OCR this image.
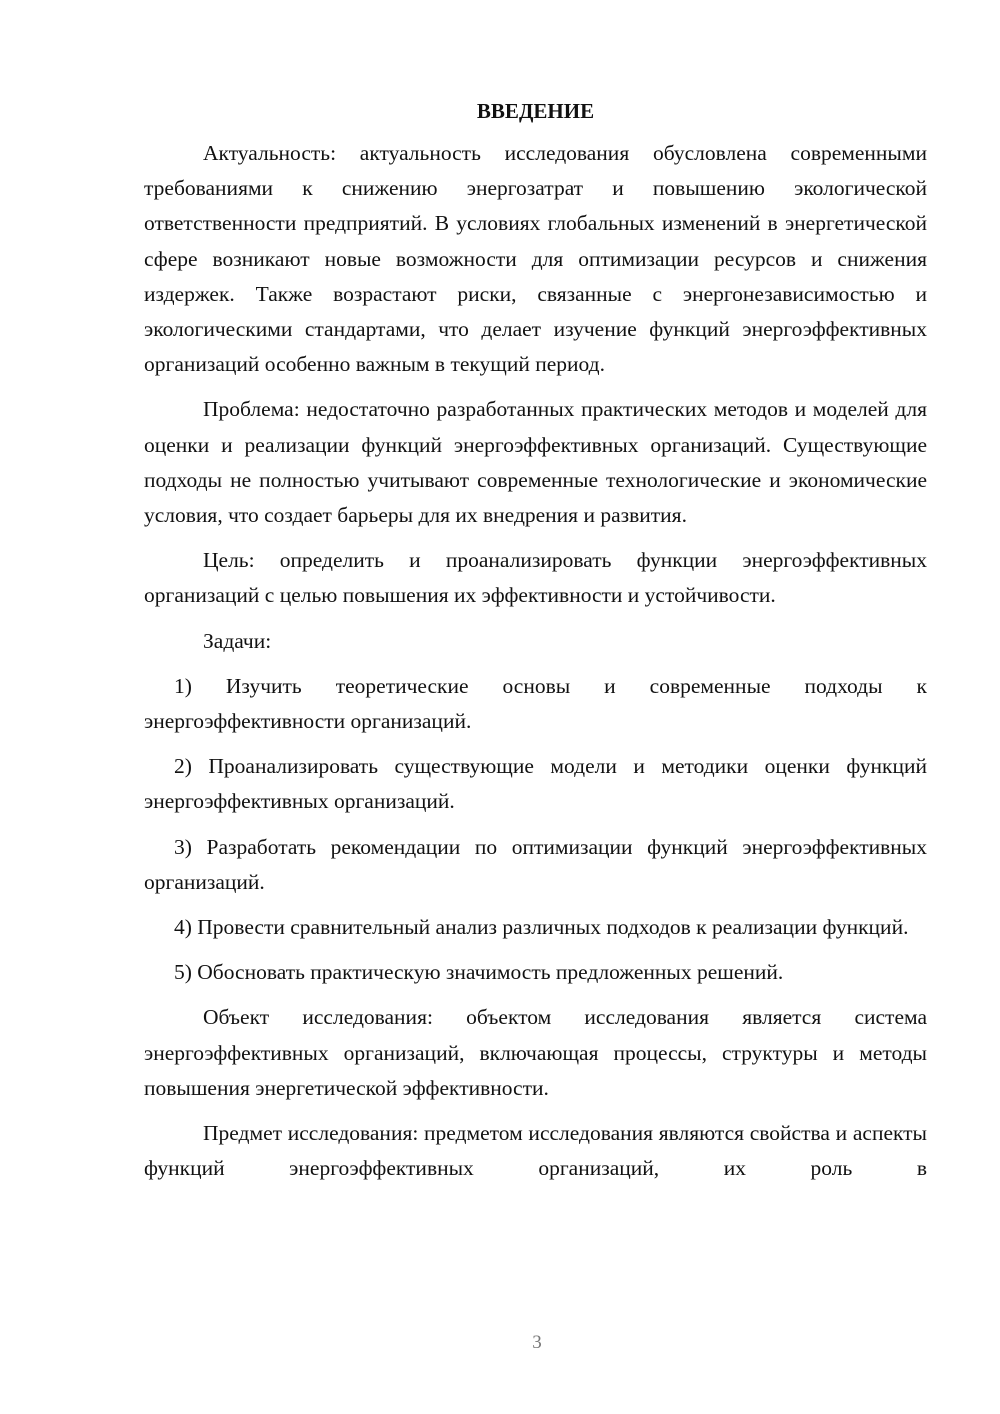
ВВЕДЕНИЕ

Актуальность: актуальность исследования обусловлена современными требованиями к снижению энергозатрат и повышению экологической ответственности предприятий. В условиях глобальных изменений в энергетической сфере возникают новые возможности для оптимизации ресурсов и снижения издержек. Также возрастают риски, связанные с энергонезависимостью и экологическими стандартами, что делает изучение функций энергоэффективных организаций особенно важным в текущий период.

Проблема: недостаточно разработанных практических методов и моделей для оценки и реализации функций энергоэффективных организаций. Существующие подходы не полностью учитывают современные технологические и экономические условия, что создает барьеры для их внедрения и развития.

Цель: определить и проанализировать функции энергоэффективных организаций с целью повышения их эффективности и устойчивости.

Задачи:

1) Изучить теоретические основы и современные подходы к энергоэффективности организаций.

2) Проанализировать существующие модели и методики оценки функций энергоэффективных организаций.

3) Разработать рекомендации по оптимизации функций энергоэффективных организаций.

4) Провести сравнительный анализ различных подходов к реализации функций.

5) Обосновать практическую значимость предложенных решений.

Объект исследования: объектом исследования является система энергоэффективных организаций, включающая процессы, структуры и методы повышения энергетической эффективности.

Предмет исследования: предметом исследования являются свойства и аспекты функций энергоэффективных организаций, их роль в

3
